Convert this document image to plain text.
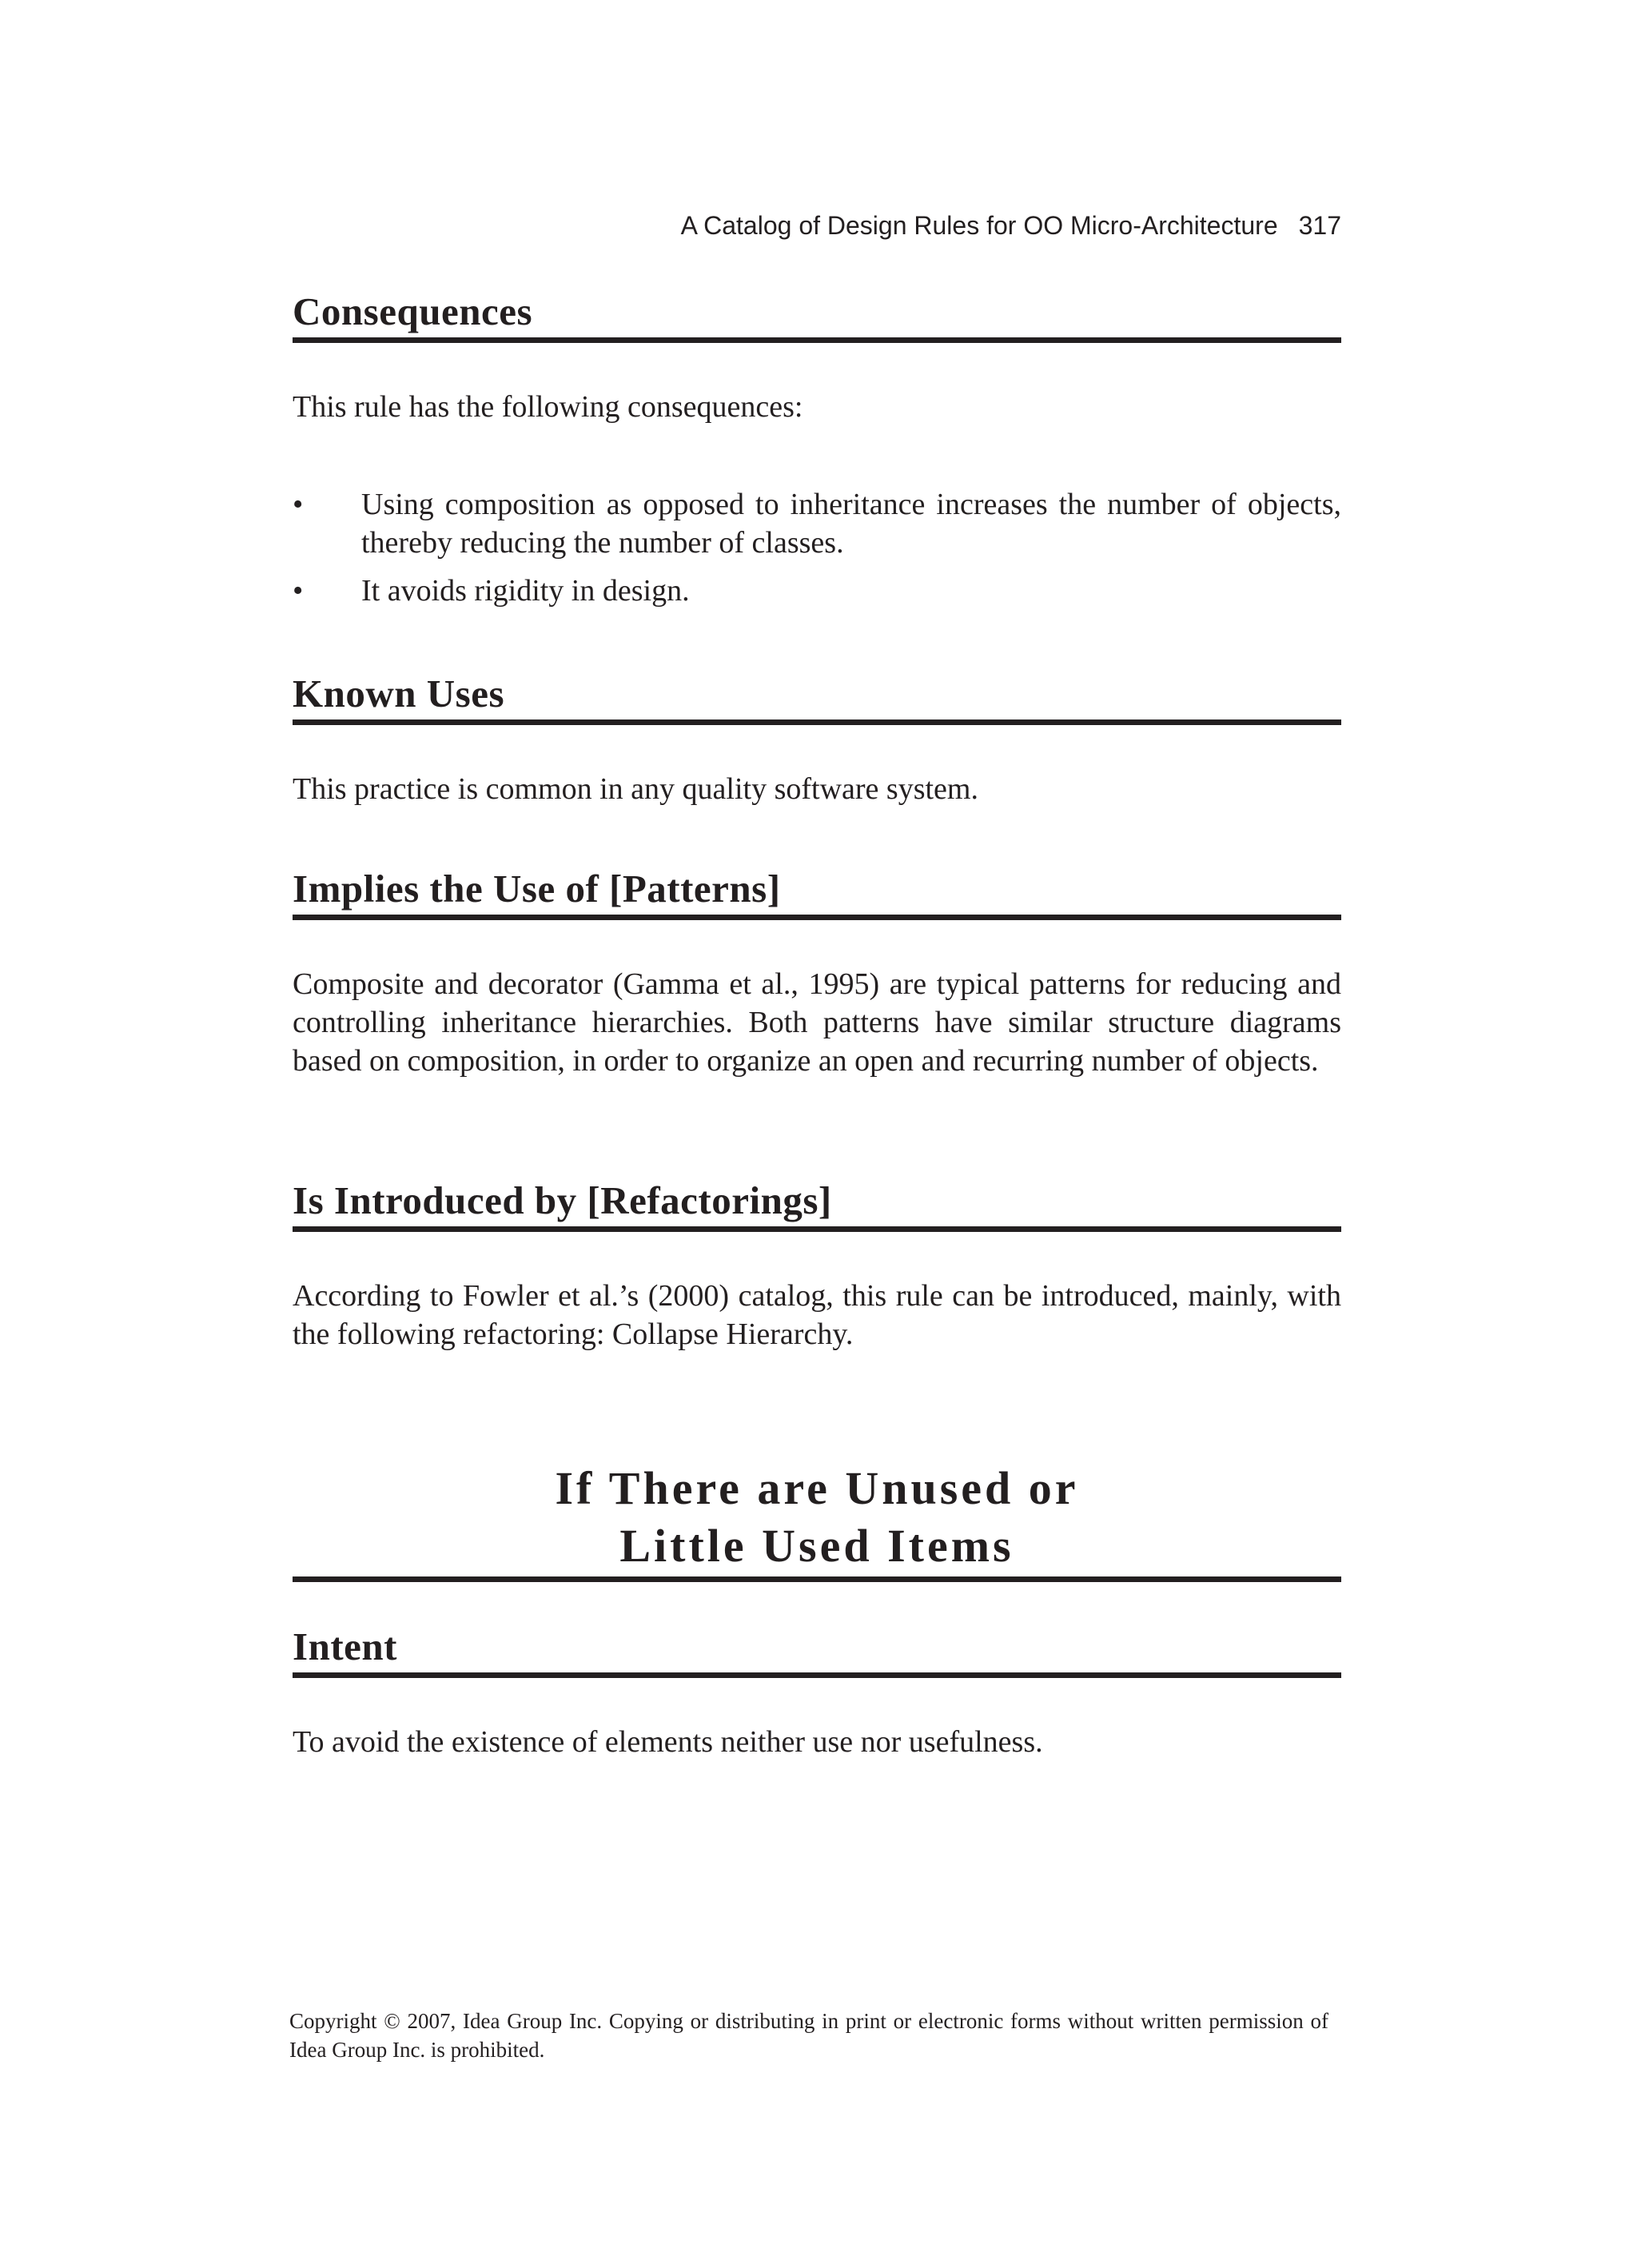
A Catalog of Design Rules for OO Micro-Architecture 317
Consequences

This rule has the following consequences:

• Using composition as opposed to inheritance increases the number of objects, thereby reducing the number of classes.
• It avoids rigidity in design.
Known Uses

This practice is common in any quality software system.

Implies the Use of [Patterns]

Composite and decorator (Gamma et al., 1995) are typical patterns for reducing and controlling inheritance hierarchies. Both patterns have similar structure diagrams based on composition, in order to organize an open and recurring number of objects.

Is Introduced by [Refactorings]

According to Fowler et al.’s (2000) catalog, this rule can be introduced, mainly, with the following refactoring: Collapse Hierarchy.

If There are Unused or
Little Used Items
Intent

To avoid the existence of elements neither use nor usefulness.

Copyright © 2007, Idea Group Inc. Copying or distributing in print or electronic forms without written permission of Idea Group Inc. is prohibited.
